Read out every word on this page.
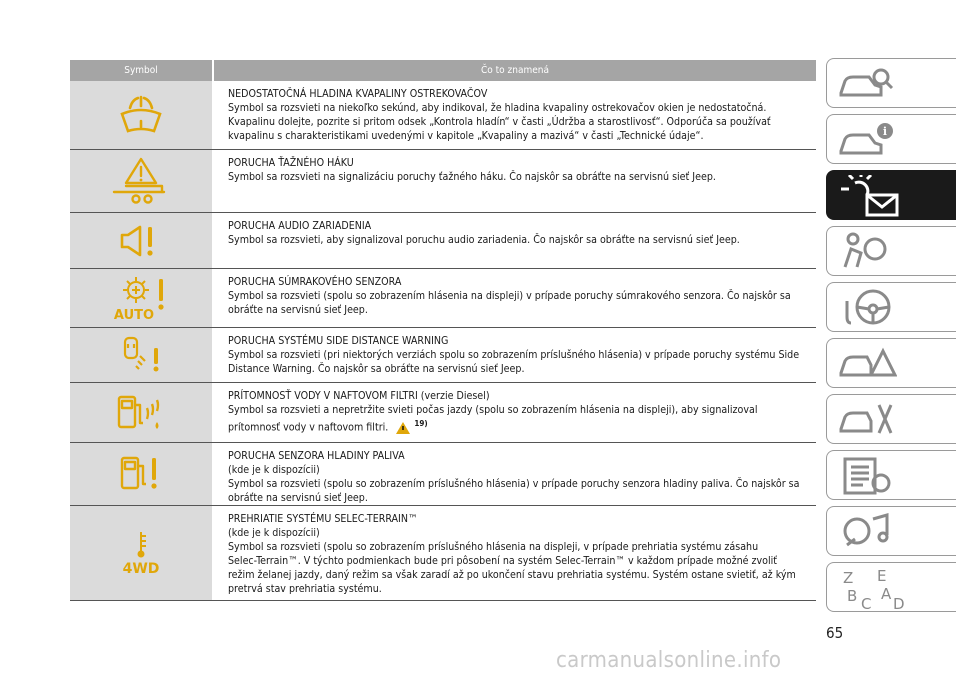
Symbol	Čo to znamená
NEDOSTATOČNÁ HLADINA KVAPALINY OSTREKOVAČOV
Symbol sa rozsvieti na niekoľko sekúnd, aby indikoval, že hladina kvapaliny ostrekovačov okien je nedostatočná.
Kvapalinu dolejte, pozrite si pritom odsek „Kontrola hladín“ v časti „Údržba a starostlivosť“. Odporúča sa používať
kvapalinu s charakteristikami uvedenými v kapitole „Kvapaliny a mazivá“ v časti „Technické údaje“.
PORUCHA ŤAŽNÉHO HÁKU
Symbol sa rozsvieti na signalizáciu poruchy ťažného háku. Čo najskôr sa obráťte na servisnú sieť Jeep.
PORUCHA AUDIO ZARIADENIA
Symbol sa rozsvieti, aby signalizoval poruchu audio zariadenia. Čo najskôr sa obráťte na servisnú sieť Jeep.
AUTO
PORUCHA SÚMRAKOVÉHO SENZORA
Symbol sa rozsvieti (spolu so zobrazením hlásenia na displeji) v prípade poruchy súmrakového senzora. Čo najskôr sa
obráťte na servisnú sieť Jeep.
PORUCHA SYSTÉMU SIDE DISTANCE WARNING
Symbol sa rozsvieti (pri niektorých verziách spolu so zobrazením príslušného hlásenia) v prípade poruchy systému Side
Distance Warning. Čo najskôr sa obráťte na servisnú sieť Jeep.
PRÍTOMNOSŤ VODY V NAFTOVOM FILTRI (verzie Diesel)
Symbol sa rozsvieti a nepretržite svieti počas jazdy (spolu so zobrazením hlásenia na displeji), aby signalizoval
prítomnosť vody v naftovom filtri.	$^{19)}$
PORUCHA SENZORA HLADINY PALIVA
(kde je k dispozícii)
Symbol sa rozsvieti (spolu so zobrazením príslušného hlásenia) v prípade poruchy senzora hladiny paliva. Čo najskôr sa
obráťte na servisnú sieť Jeep.
4WD
PREHRIATIE SYSTÉMU SELEC-TERRAIN™
(kde je k dispozícii)
Symbol sa rozsvieti (spolu so zobrazením príslušného hlásenia na displeji, v prípade prehriatia systému zásahu
Selec-Terrain™. V týchto podmienkach bude pri pôsobení na systém Selec-Terrain™ v každom prípade možné zvoliť
režim želanej jazdy, daný režim sa však zaradí až po ukončení stavu prehriatia systému. Systém ostane svietiť, až kým
pretrvá stav prehriatia systému.
i
Z E
B A
C D
65
carmanualsonline.info
